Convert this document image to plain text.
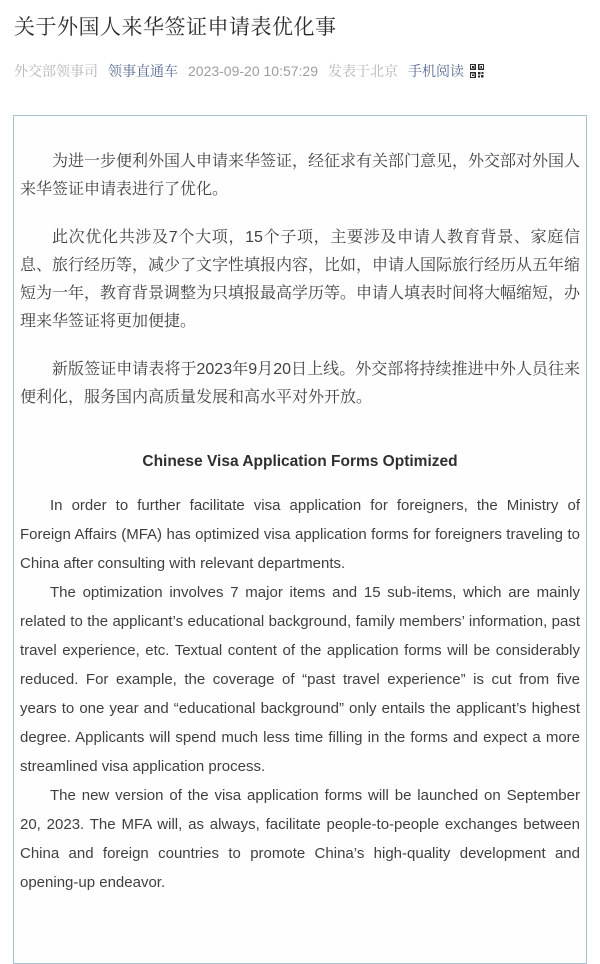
关于外国人来华签证申请表优化事
外交部领事司 领事直通车 2023-09-20 10:57:29 发表于北京 手机阅读

为进一步便利外国人申请来华签证，经征求有关部门意见，外交部对外国人来华签证申请表进行了优化。

此次优化共涉及7个大项，15个子项，主要涉及申请人教育背景、家庭信息、旅行经历等，减少了文字性填报内容，比如，申请人国际旅行经历从五年缩短为一年，教育背景调整为只填报最高学历等。申请人填表时间将大幅缩短，办理来华签证将更加便捷。

新版签证申请表将于2023年9月20日上线。外交部将持续推进中外人员往来便利化，服务国内高质量发展和高水平对外开放。

Chinese Visa Application Forms Optimized

In order to further facilitate visa application for foreigners, the Ministry of Foreign Affairs (MFA) has optimized visa application forms for foreigners traveling to China after consulting with relevant departments.

The optimization involves 7 major items and 15 sub-items, which are mainly related to the applicant’s educational background, family members’ information, past travel experience, etc. Textual content of the application forms will be considerably reduced. For example, the coverage of “past travel experience” is cut from five years to one year and “educational background” only entails the applicant’s highest degree. Applicants will spend much less time filling in the forms and expect a more streamlined visa application process.

The new version of the visa application forms will be launched on September 20, 2023. The MFA will, as always, facilitate people-to-people exchanges between China and foreign countries to promote China’s high-quality development and opening-up endeavor.
